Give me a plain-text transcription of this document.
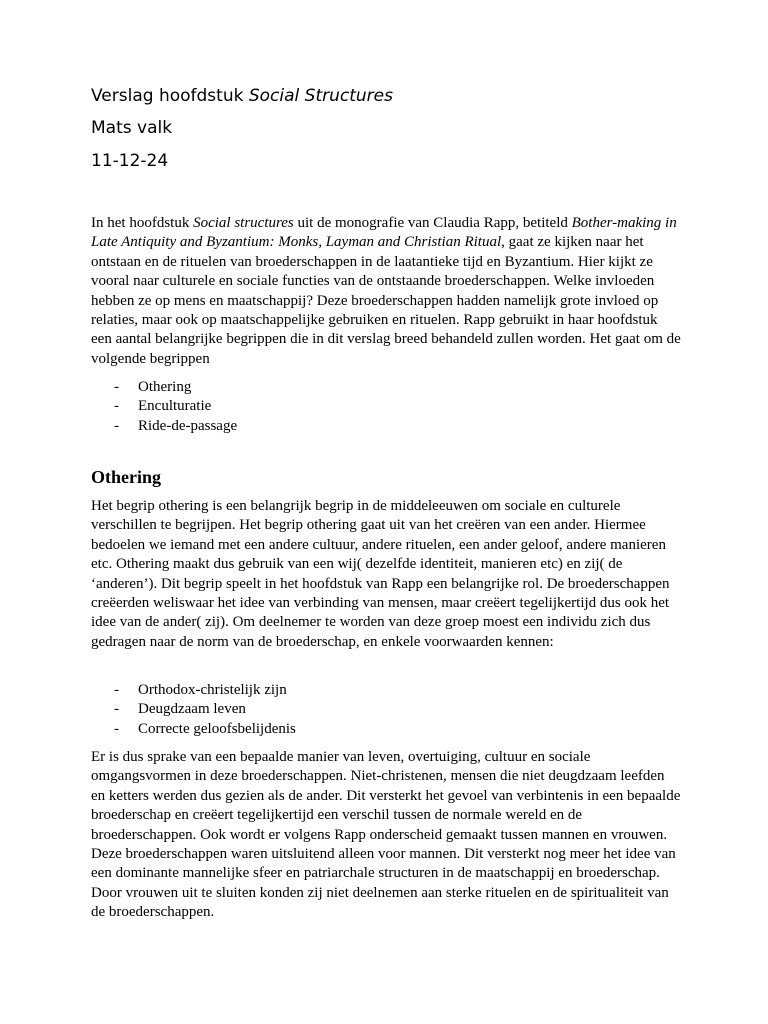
Verslag hoofdstuk Social Structures
Mats valk
11-12-24

In het hoofdstuk Social structures uit de monografie van Claudia Rapp, betiteld Bother-making in Late Antiquity and Byzantium: Monks, Layman and Christian Ritual, gaat ze kijken naar het ontstaan en de rituelen van broederschappen in de laatantieke tijd en Byzantium. Hier kijkt ze vooral naar culturele en sociale functies van de ontstaande broederschappen. Welke invloeden hebben ze op mens en maatschappij? Deze broederschappen hadden namelijk grote invloed op relaties, maar ook op maatschappelijke gebruiken en rituelen. Rapp gebruikt in haar hoofdstuk een aantal belangrijke begrippen die in dit verslag breed behandeld zullen worden. Het gaat om de volgende begrippen

- Othering
- Enculturatie
- Ride-de-passage
Othering

Het begrip othering is een belangrijk begrip in de middeleeuwen om sociale en culturele verschillen te begrijpen. Het begrip othering gaat uit van het creëren van een ander. Hiermee bedoelen we iemand met een andere cultuur, andere rituelen, een ander geloof, andere manieren etc. Othering maakt dus gebruik van een wij( dezelfde identiteit, manieren etc) en zij( de ‘anderen’). Dit begrip speelt in het hoofdstuk van Rapp een belangrijke rol. De broederschappen creëerden weliswaar het idee van verbinding van mensen, maar creëert tegelijkertijd dus ook het idee van de ander( zij). Om deelnemer te worden van deze groep moest een individu zich dus gedragen naar de norm van de broederschap, en enkele voorwaarden kennen:

- Orthodox-christelijk zijn
- Deugdzaam leven
- Correcte geloofsbelijdenis

Er is dus sprake van een bepaalde manier van leven, overtuiging, cultuur en sociale omgangsvormen in deze broederschappen. Niet-christenen, mensen die niet deugdzaam leefden en ketters werden dus gezien als de ander. Dit versterkt het gevoel van verbintenis in een bepaalde broederschap en creëert tegelijkertijd een verschil tussen de normale wereld en de broederschappen. Ook wordt er volgens Rapp onderscheid gemaakt tussen mannen en vrouwen. Deze broederschappen waren uitsluitend alleen voor mannen. Dit versterkt nog meer het idee van een dominante mannelijke sfeer en patriarchale structuren in de maatschappij en broederschap. Door vrouwen uit te sluiten konden zij niet deelnemen aan sterke rituelen en de spiritualiteit van de broederschappen.
